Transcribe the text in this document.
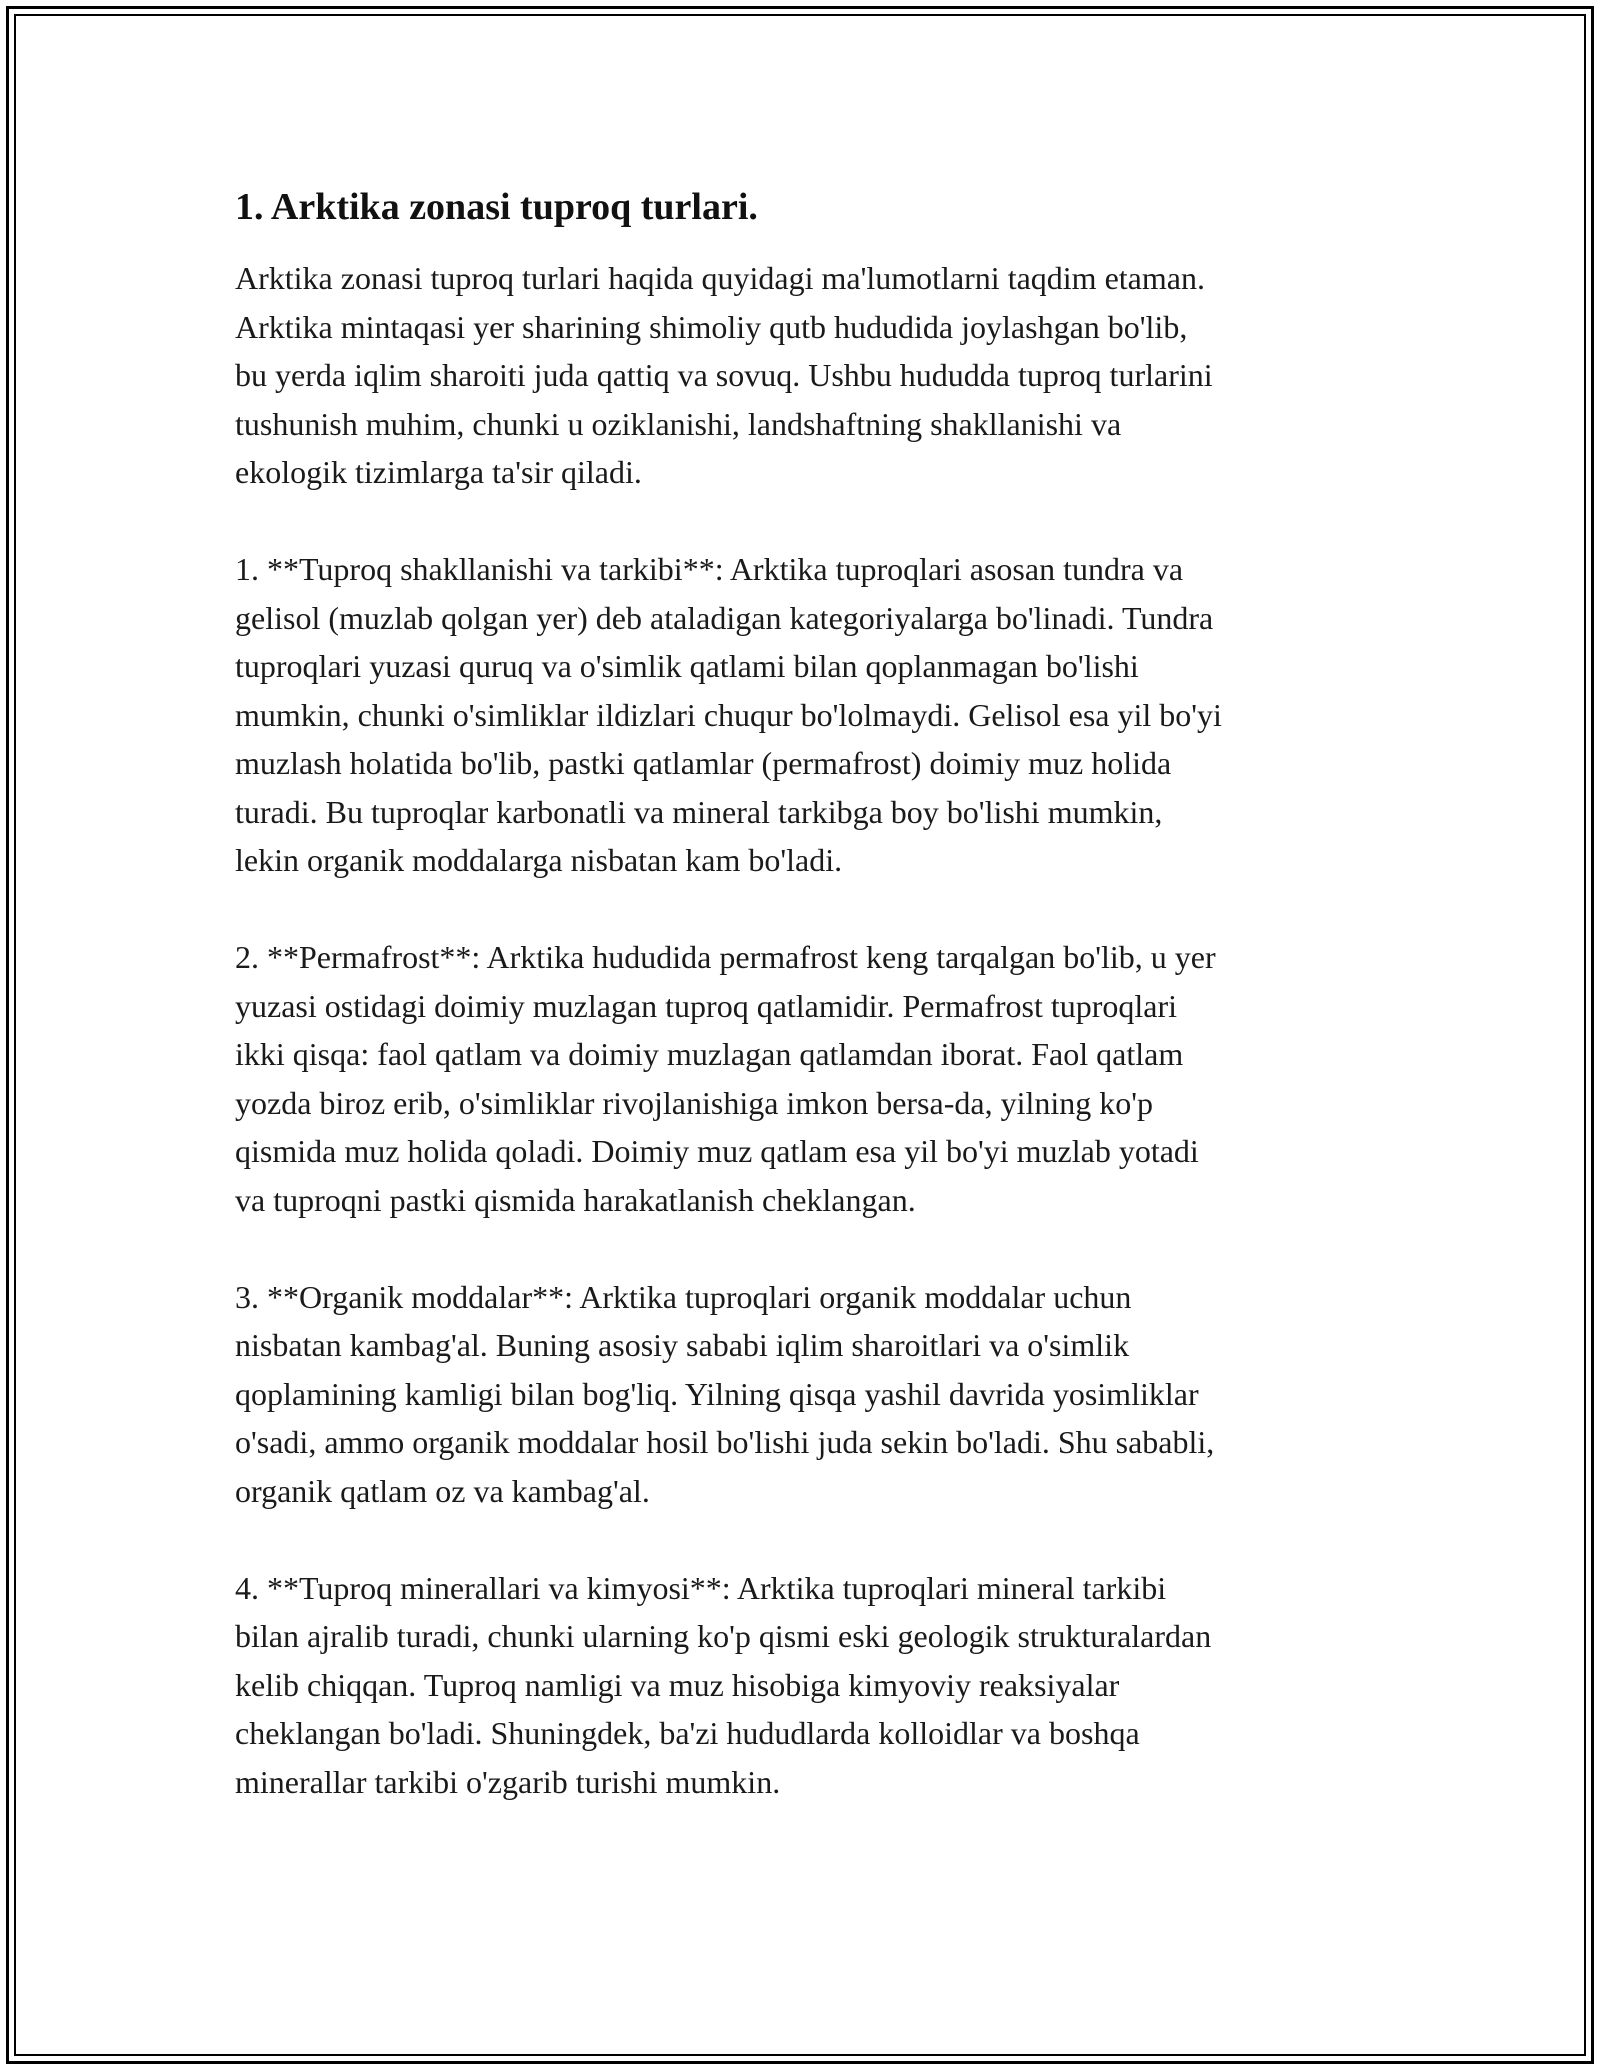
1. Arktika zonasi tuproq turlari.

Arktika zonasi tuproq turlari haqida quyidagi ma'lumotlarni taqdim etaman.
Arktika mintaqasi yer sharining shimoliy qutb hududida joylashgan bo'lib,
bu yerda iqlim sharoiti juda qattiq va sovuq. Ushbu hududda tuproq turlarini
tushunish muhim, chunki u oziklanishi, landshaftning shakllanishi va
ekologik tizimlarga ta'sir qiladi.

1. **Tuproq shakllanishi va tarkibi**: Arktika tuproqlari asosan tundra va
gelisol (muzlab qolgan yer) deb ataladigan kategoriyalarga bo'linadi. Tundra
tuproqlari yuzasi quruq va o'simlik qatlami bilan qoplanmagan bo'lishi
mumkin, chunki o'simliklar ildizlari chuqur bo'lolmaydi. Gelisol esa yil bo'yi
muzlash holatida bo'lib, pastki qatlamlar (permafrost) doimiy muz holida
turadi. Bu tuproqlar karbonatli va mineral tarkibga boy bo'lishi mumkin,
lekin organik moddalarga nisbatan kam bo'ladi.

2. **Permafrost**: Arktika hududida permafrost keng tarqalgan bo'lib, u yer
yuzasi ostidagi doimiy muzlagan tuproq qatlamidir. Permafrost tuproqlari
ikki qisqa: faol qatlam va doimiy muzlagan qatlamdan iborat. Faol qatlam
yozda biroz erib, o'simliklar rivojlanishiga imkon bersa-da, yilning ko'p
qismida muz holida qoladi. Doimiy muz qatlam esa yil bo'yi muzlab yotadi
va tuproqni pastki qismida harakatlanish cheklangan.

3. **Organik moddalar**: Arktika tuproqlari organik moddalar uchun
nisbatan kambag'al. Buning asosiy sababi iqlim sharoitlari va o'simlik
qoplamining kamligi bilan bog'liq. Yilning qisqa yashil davrida yosimliklar
o'sadi, ammo organik moddalar hosil bo'lishi juda sekin bo'ladi. Shu sababli,
organik qatlam oz va kambag'al.

4. **Tuproq minerallari va kimyosi**: Arktika tuproqlari mineral tarkibi
bilan ajralib turadi, chunki ularning ko'p qismi eski geologik strukturalardan
kelib chiqqan. Tuproq namligi va muz hisobiga kimyoviy reaksiyalar
cheklangan bo'ladi. Shuningdek, ba'zi hududlarda kolloidlar va boshqa
minerallar tarkibi o'zgarib turishi mumkin.
